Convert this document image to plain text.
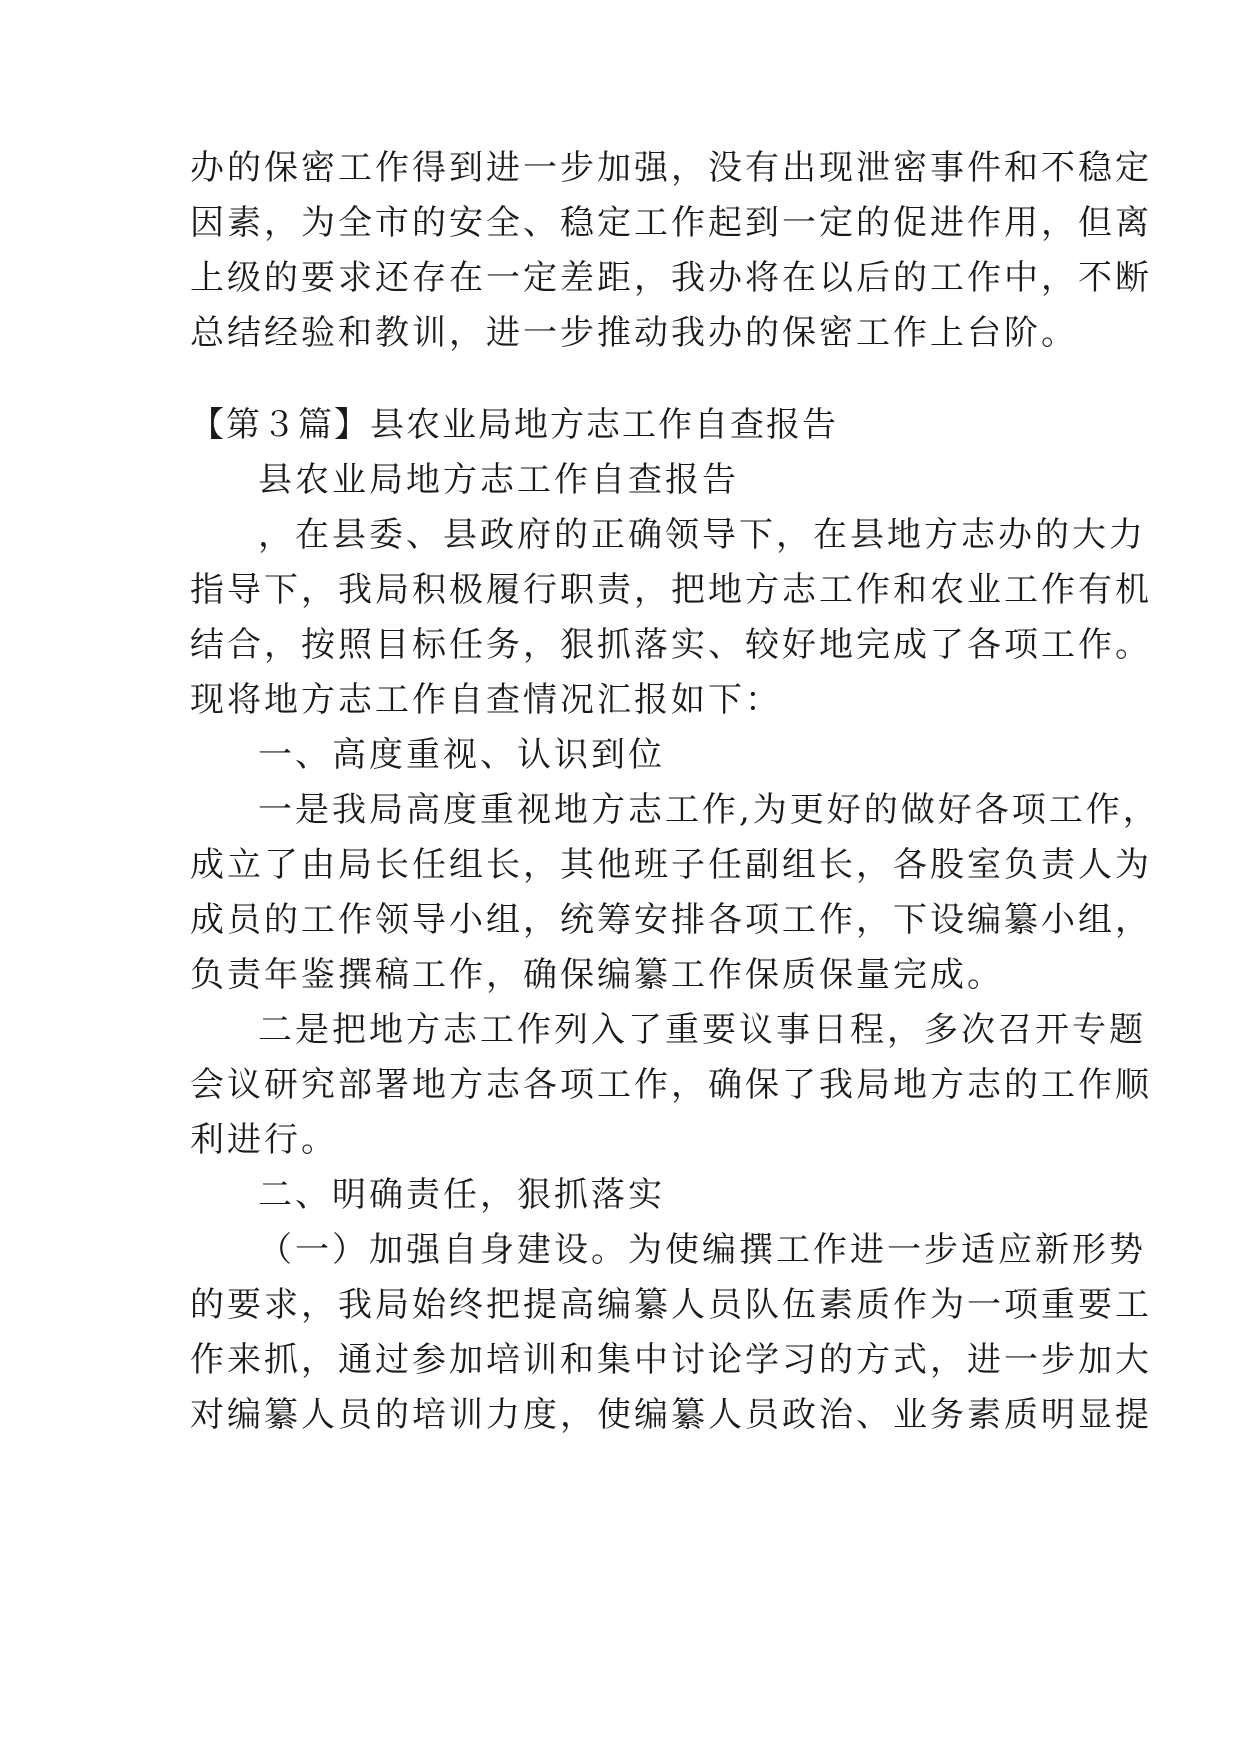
办的保密工作得到进一步加强，没有出现泄密事件和不稳定
因素，为全市的安全、稳定工作起到一定的促进作用，但离
上级的要求还存在一定差距，我办将在以后的工作中，不断
总结经验和教训，进一步推动我办的保密工作上台阶。
【第３篇】县农业局地方志工作自查报告
县农业局地方志工作自查报告
，在县委、县政府的正确领导下，在县地方志办的大力
指导下，我局积极履行职责，把地方志工作和农业工作有机
结合，按照目标任务，狠抓落实、较好地完成了各项工作。
现将地方志工作自查情况汇报如下：
一、高度重视、认识到位
一是我局高度重视地方志工作,为更好的做好各项工作，
成立了由局长任组长，其他班子任副组长，各股室负责人为
成员的工作领导小组，统筹安排各项工作，下设编纂小组，
负责年鉴撰稿工作，确保编纂工作保质保量完成。
二是把地方志工作列入了重要议事日程，多次召开专题
会议研究部署地方志各项工作，确保了我局地方志的工作顺
利进行。
二、明确责任，狠抓落实
（一）加强自身建设。为使编撰工作进一步适应新形势
的要求，我局始终把提高编纂人员队伍素质作为一项重要工
作来抓，通过参加培训和集中讨论学习的方式，进一步加大
对编纂人员的培训力度，使编纂人员政治、业务素质明显提
